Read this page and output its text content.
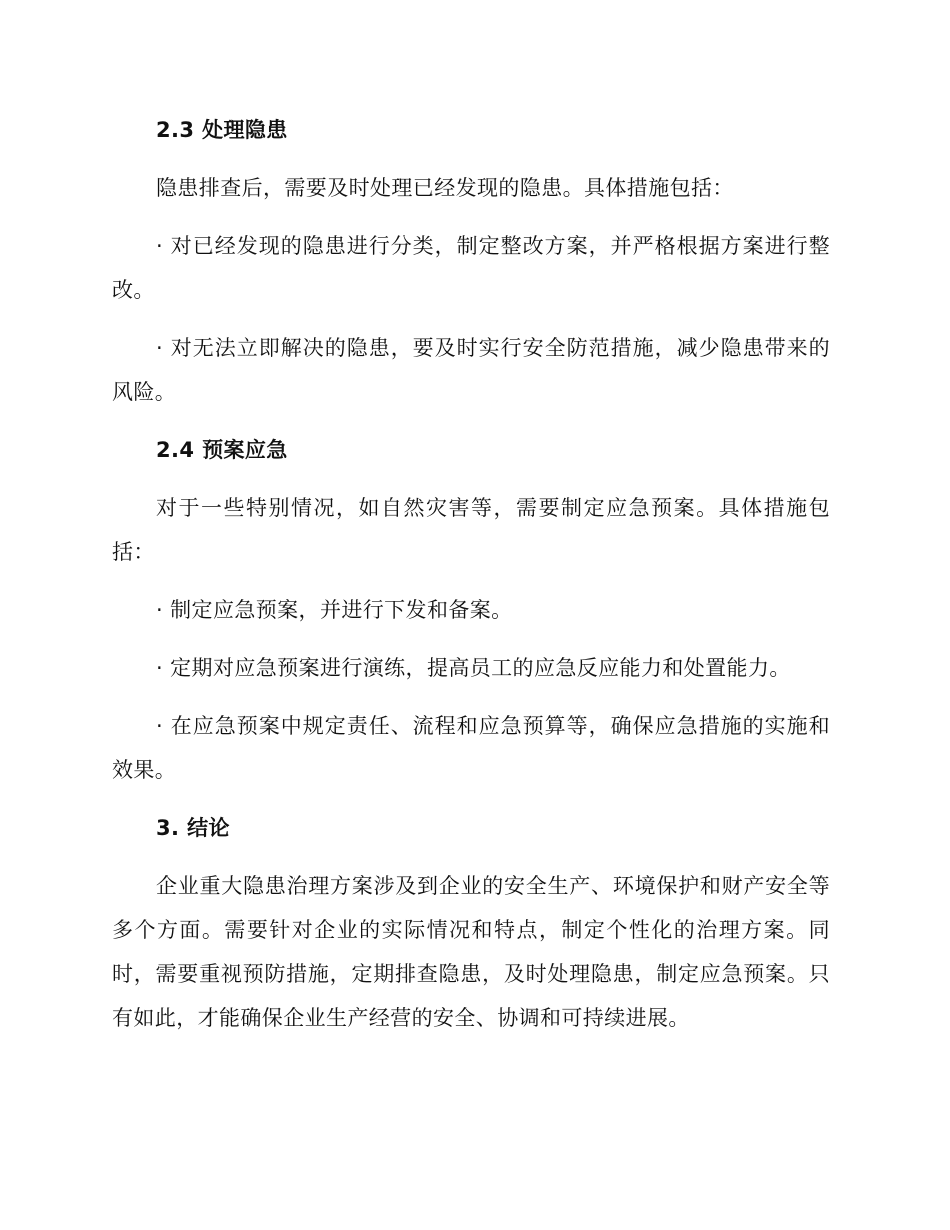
2.3 处理隐患

隐患排查后，需要及时处理已经发现的隐患。具体措施包括：

· 对已经发现的隐患进行分类，制定整改方案，并严格根据方案进行整改。

· 对无法立即解决的隐患，要及时实行安全防范措施，减少隐患带来的风险。

2.4 预案应急

对于一些特别情况，如自然灾害等，需要制定应急预案。具体措施包括：

· 制定应急预案，并进行下发和备案。

· 定期对应急预案进行演练，提高员工的应急反应能力和处置能力。

· 在应急预案中规定责任、流程和应急预算等，确保应急措施的实施和效果。

3. 结论

企业重大隐患治理方案涉及到企业的安全生产、环境保护和财产安全等多个方面。需要针对企业的实际情况和特点，制定个性化的治理方案。同时，需要重视预防措施，定期排查隐患，及时处理隐患，制定应急预案。只有如此，才能确保企业生产经营的安全、协调和可持续进展。
